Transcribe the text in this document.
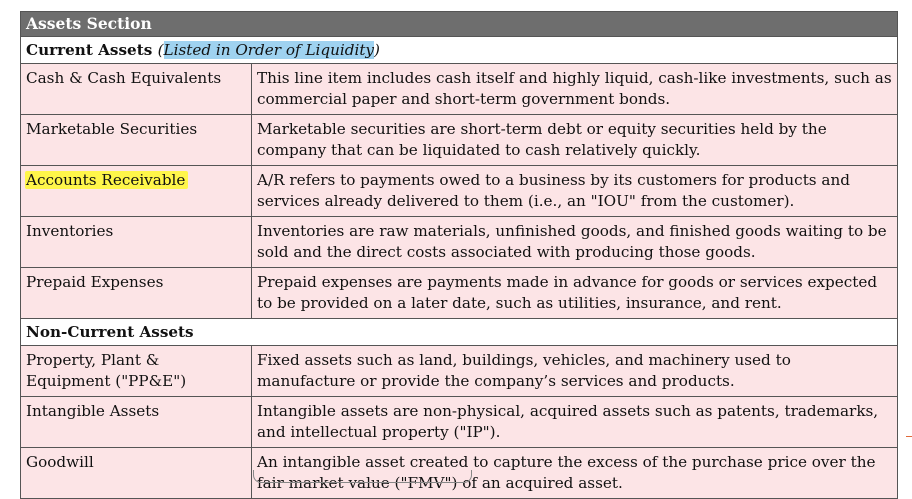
Assets Section	
Current Assets (Listed in Order of Liquidity)	
Cash & Cash Equivalents	This line item includes cash itself and highly liquid, cash-like investments, such as commercial paper and short-term government bonds.
Marketable Securities	Marketable securities are short-term debt or equity securities held by the company that can be liquidated to cash relatively quickly.
Accounts Receivable	A/R refers to payments owed to a business by its customers for products and services already delivered to them (i.e., an "IOU" from the customer).
Inventories	Inventories are raw materials, unfinished goods, and finished goods waiting to be sold and the direct costs associated with producing those goods.
Prepaid Expenses	Prepaid expenses are payments made in advance for goods or services expected to be provided on a later date, such as utilities, insurance, and rent.
Non-Current Assets	
Property, Plant & Equipment ("PP&E")	Fixed assets such as land, buildings, vehicles, and machinery used to manufacture or provide the company’s services and products.
Intangible Assets	Intangible assets are non-physical, acquired assets such as patents, trademarks, and intellectual property ("IP").
Goodwill	An intangible asset created to capture the excess of the purchase price over the fair market value ("FMV") of an acquired asset.
